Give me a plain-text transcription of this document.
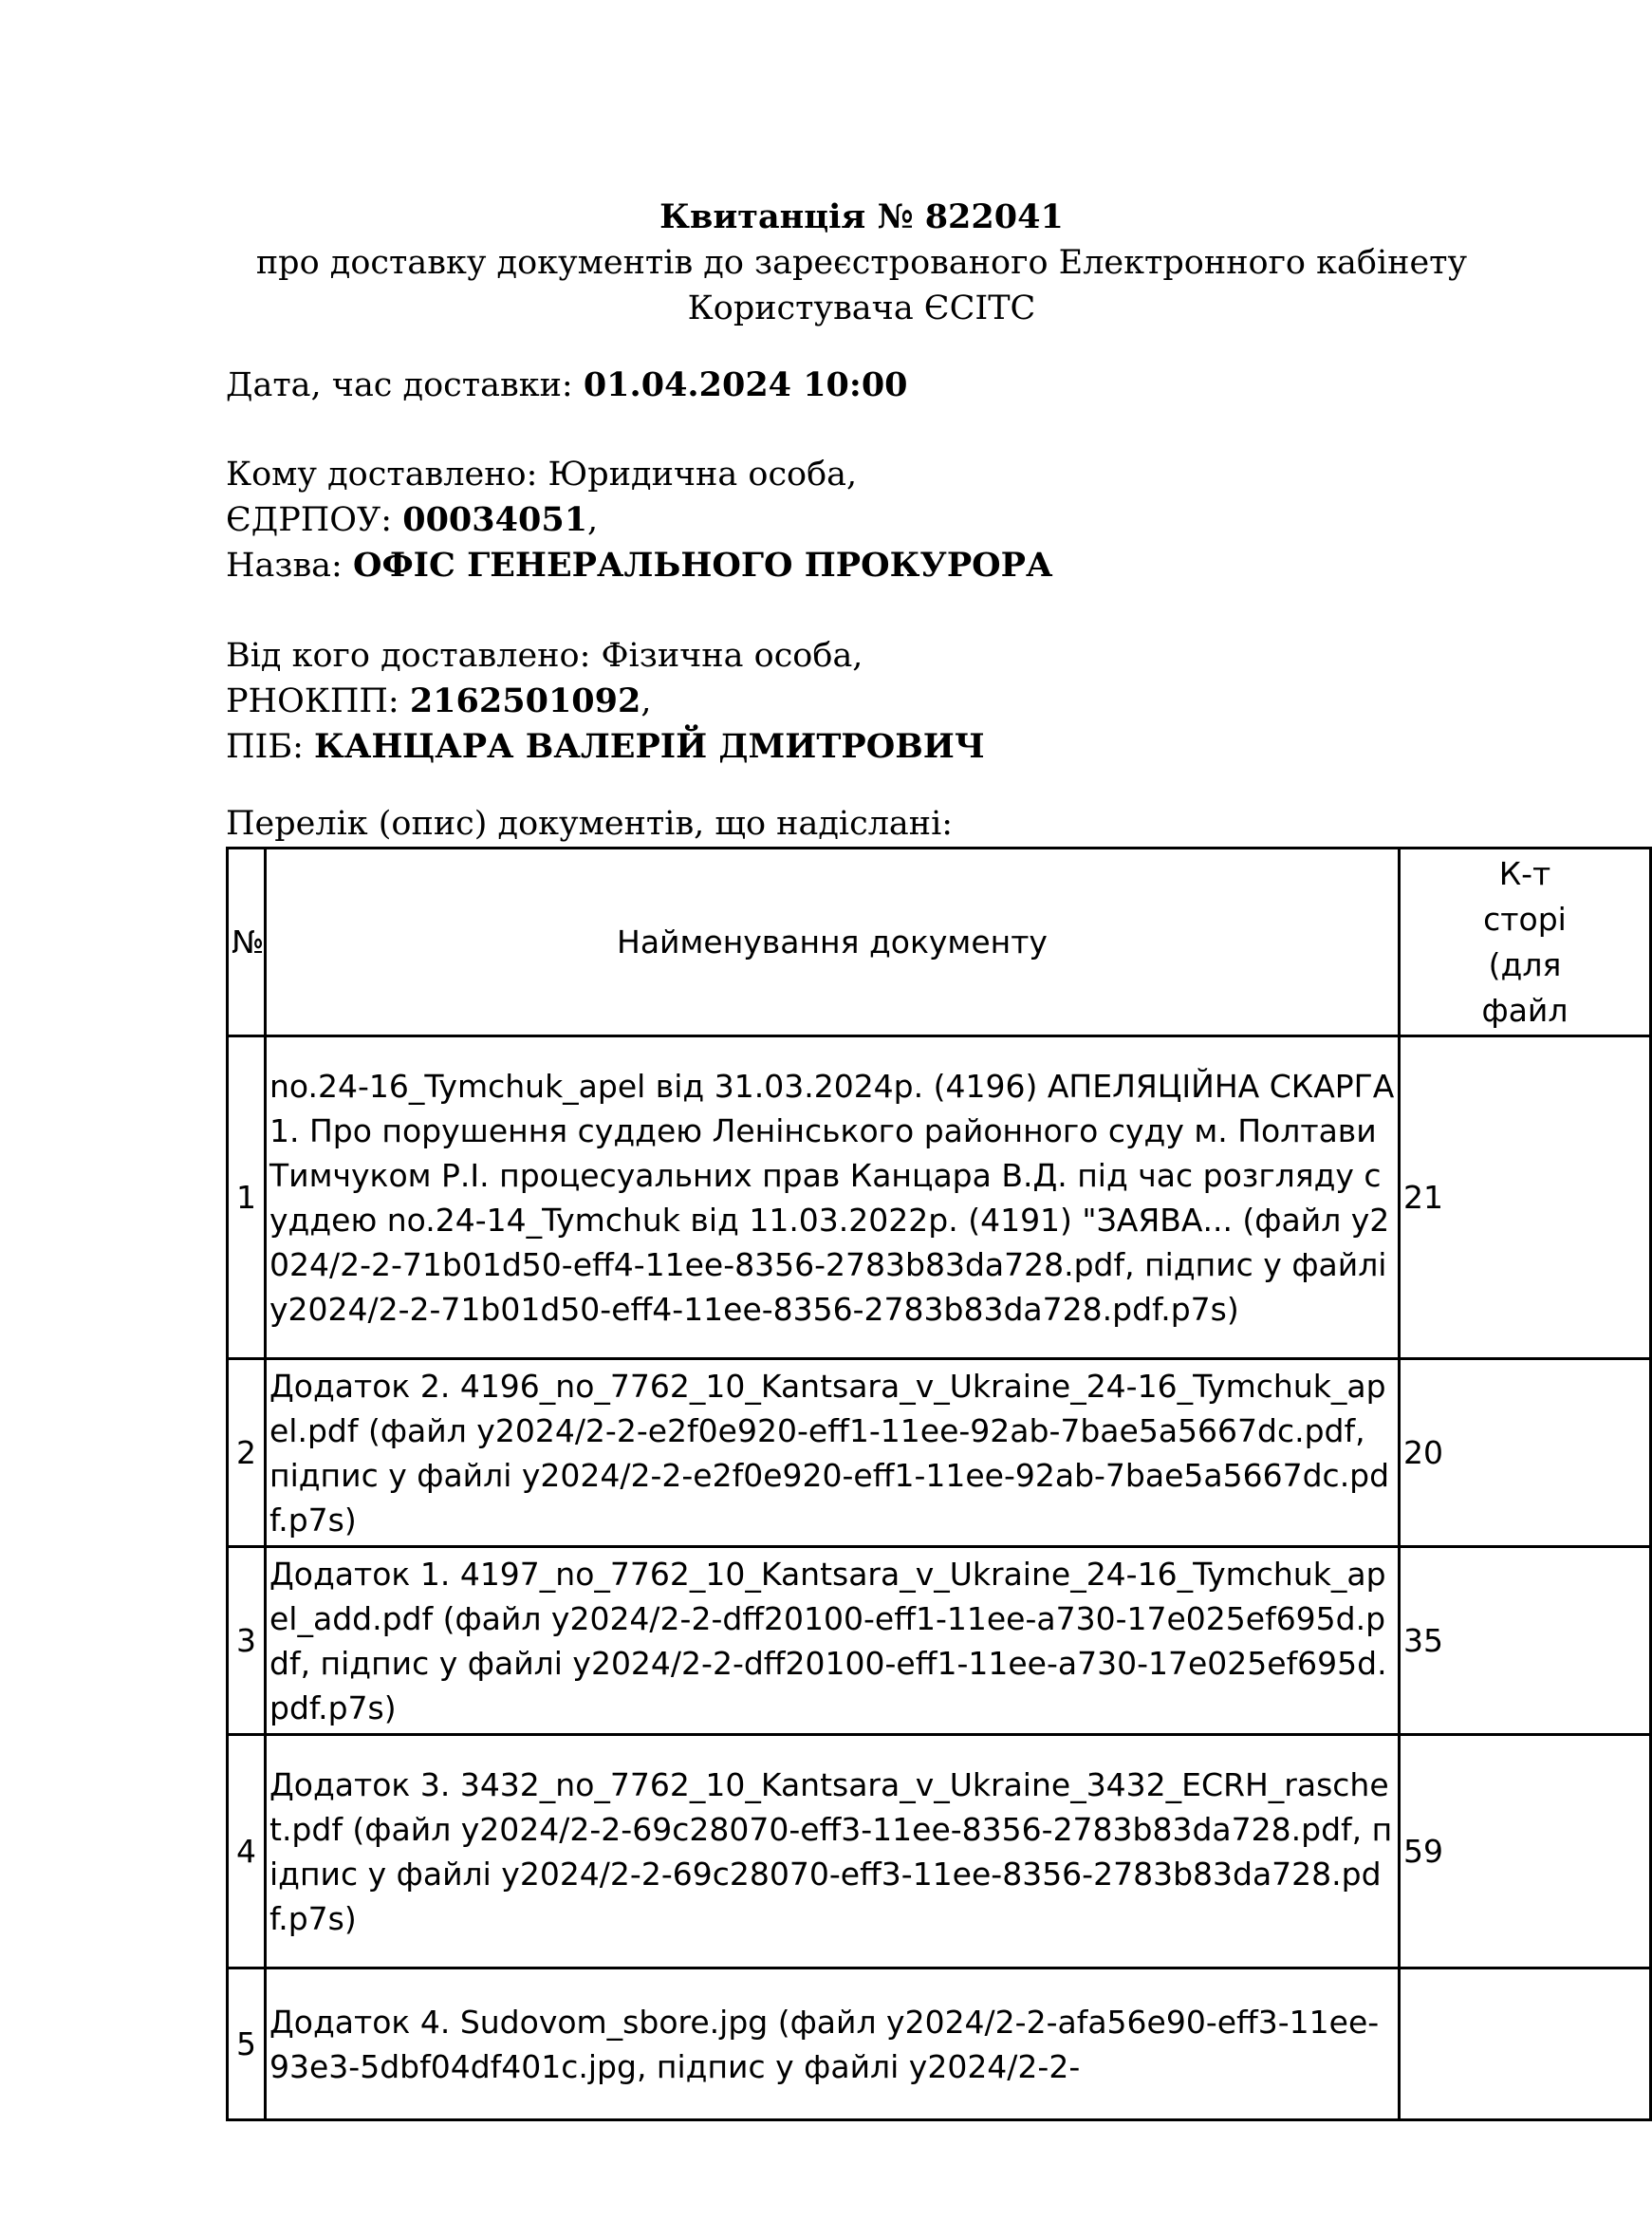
Квитанція № 822041
про доставку документів до зареєстрованого Електронного кабінету
Користувача ЄСІТС
Дата, час доставки: 01.04.2024 10:00
Кому доставлено: Юридична особа,
ЄДРПОУ: 00034051,
Назва: ОФІС ГЕНЕРАЛЬНОГО ПРОКУРОРА
Від кого доставлено: Фізична особа,
РНОКПП: 2162501092,
ПІБ: КАНЦАРА ВАЛЕРІЙ ДМИТРОВИЧ
Перелік (опис) документів, що надіслані:
№	Найменування документу	К-т
сторі
(для
файл

1	no.24-16_Tymchuk_apel від 31.03.2024р. (4196) АПЕЛЯЦІЙНА СКАРГА 1. Про порушення суддею Ленінського районного суду м. Полтави Тимчуком Р.І. процесуальних прав Канцара В.Д. під час розгляду суддею no.24-14_Tymchuk від 11.03.2022р. (4191) "ЗАЯВА... (файл y2024/2-2-71b01d50-eff4-11ee-8356-2783b83da728.pdf, підпис у файлі y2024/2-2-71b01d50-eff4-11ee-8356-2783b83da728.pdf.p7s)	21
2	Додаток 2. 4196_no_7762_10_Kantsara_v_Ukraine_24-16_Tymchuk_apel.pdf (файл y2024/2-2-e2f0e920-eff1-11ee-92ab-7bae5a5667dc.pdf, підпис у файлі y2024/2-2-e2f0e920-eff1-11ee-92ab-7bae5a5667dc.pdf.p7s)	20
3	Додаток 1. 4197_no_7762_10_Kantsara_v_Ukraine_24-16_Tymchuk_apel_add.pdf (файл y2024/2-2-dff20100-eff1-11ee-a730-17e025ef695d.pdf, підпис у файлі y2024/2-2-dff20100-eff1-11ee-a730-17e025ef695d.pdf.p7s)	35
4	Додаток 3. 3432_no_7762_10_Kantsara_v_Ukraine_3432_ECRH_raschet.pdf (файл y2024/2-2-69c28070-eff3-11ee-8356-2783b83da728.pdf, підпис у файлі y2024/2-2-69c28070-eff3-11ee-8356-2783b83da728.pdf.p7s)	59
5	Додаток 4. Sudovom_sbore.jpg (файл y2024/2-2-afa56e90-eff3-11ee-93e3-5dbf04df401c.jpg, підпис у файлі y2024/2-2-	
